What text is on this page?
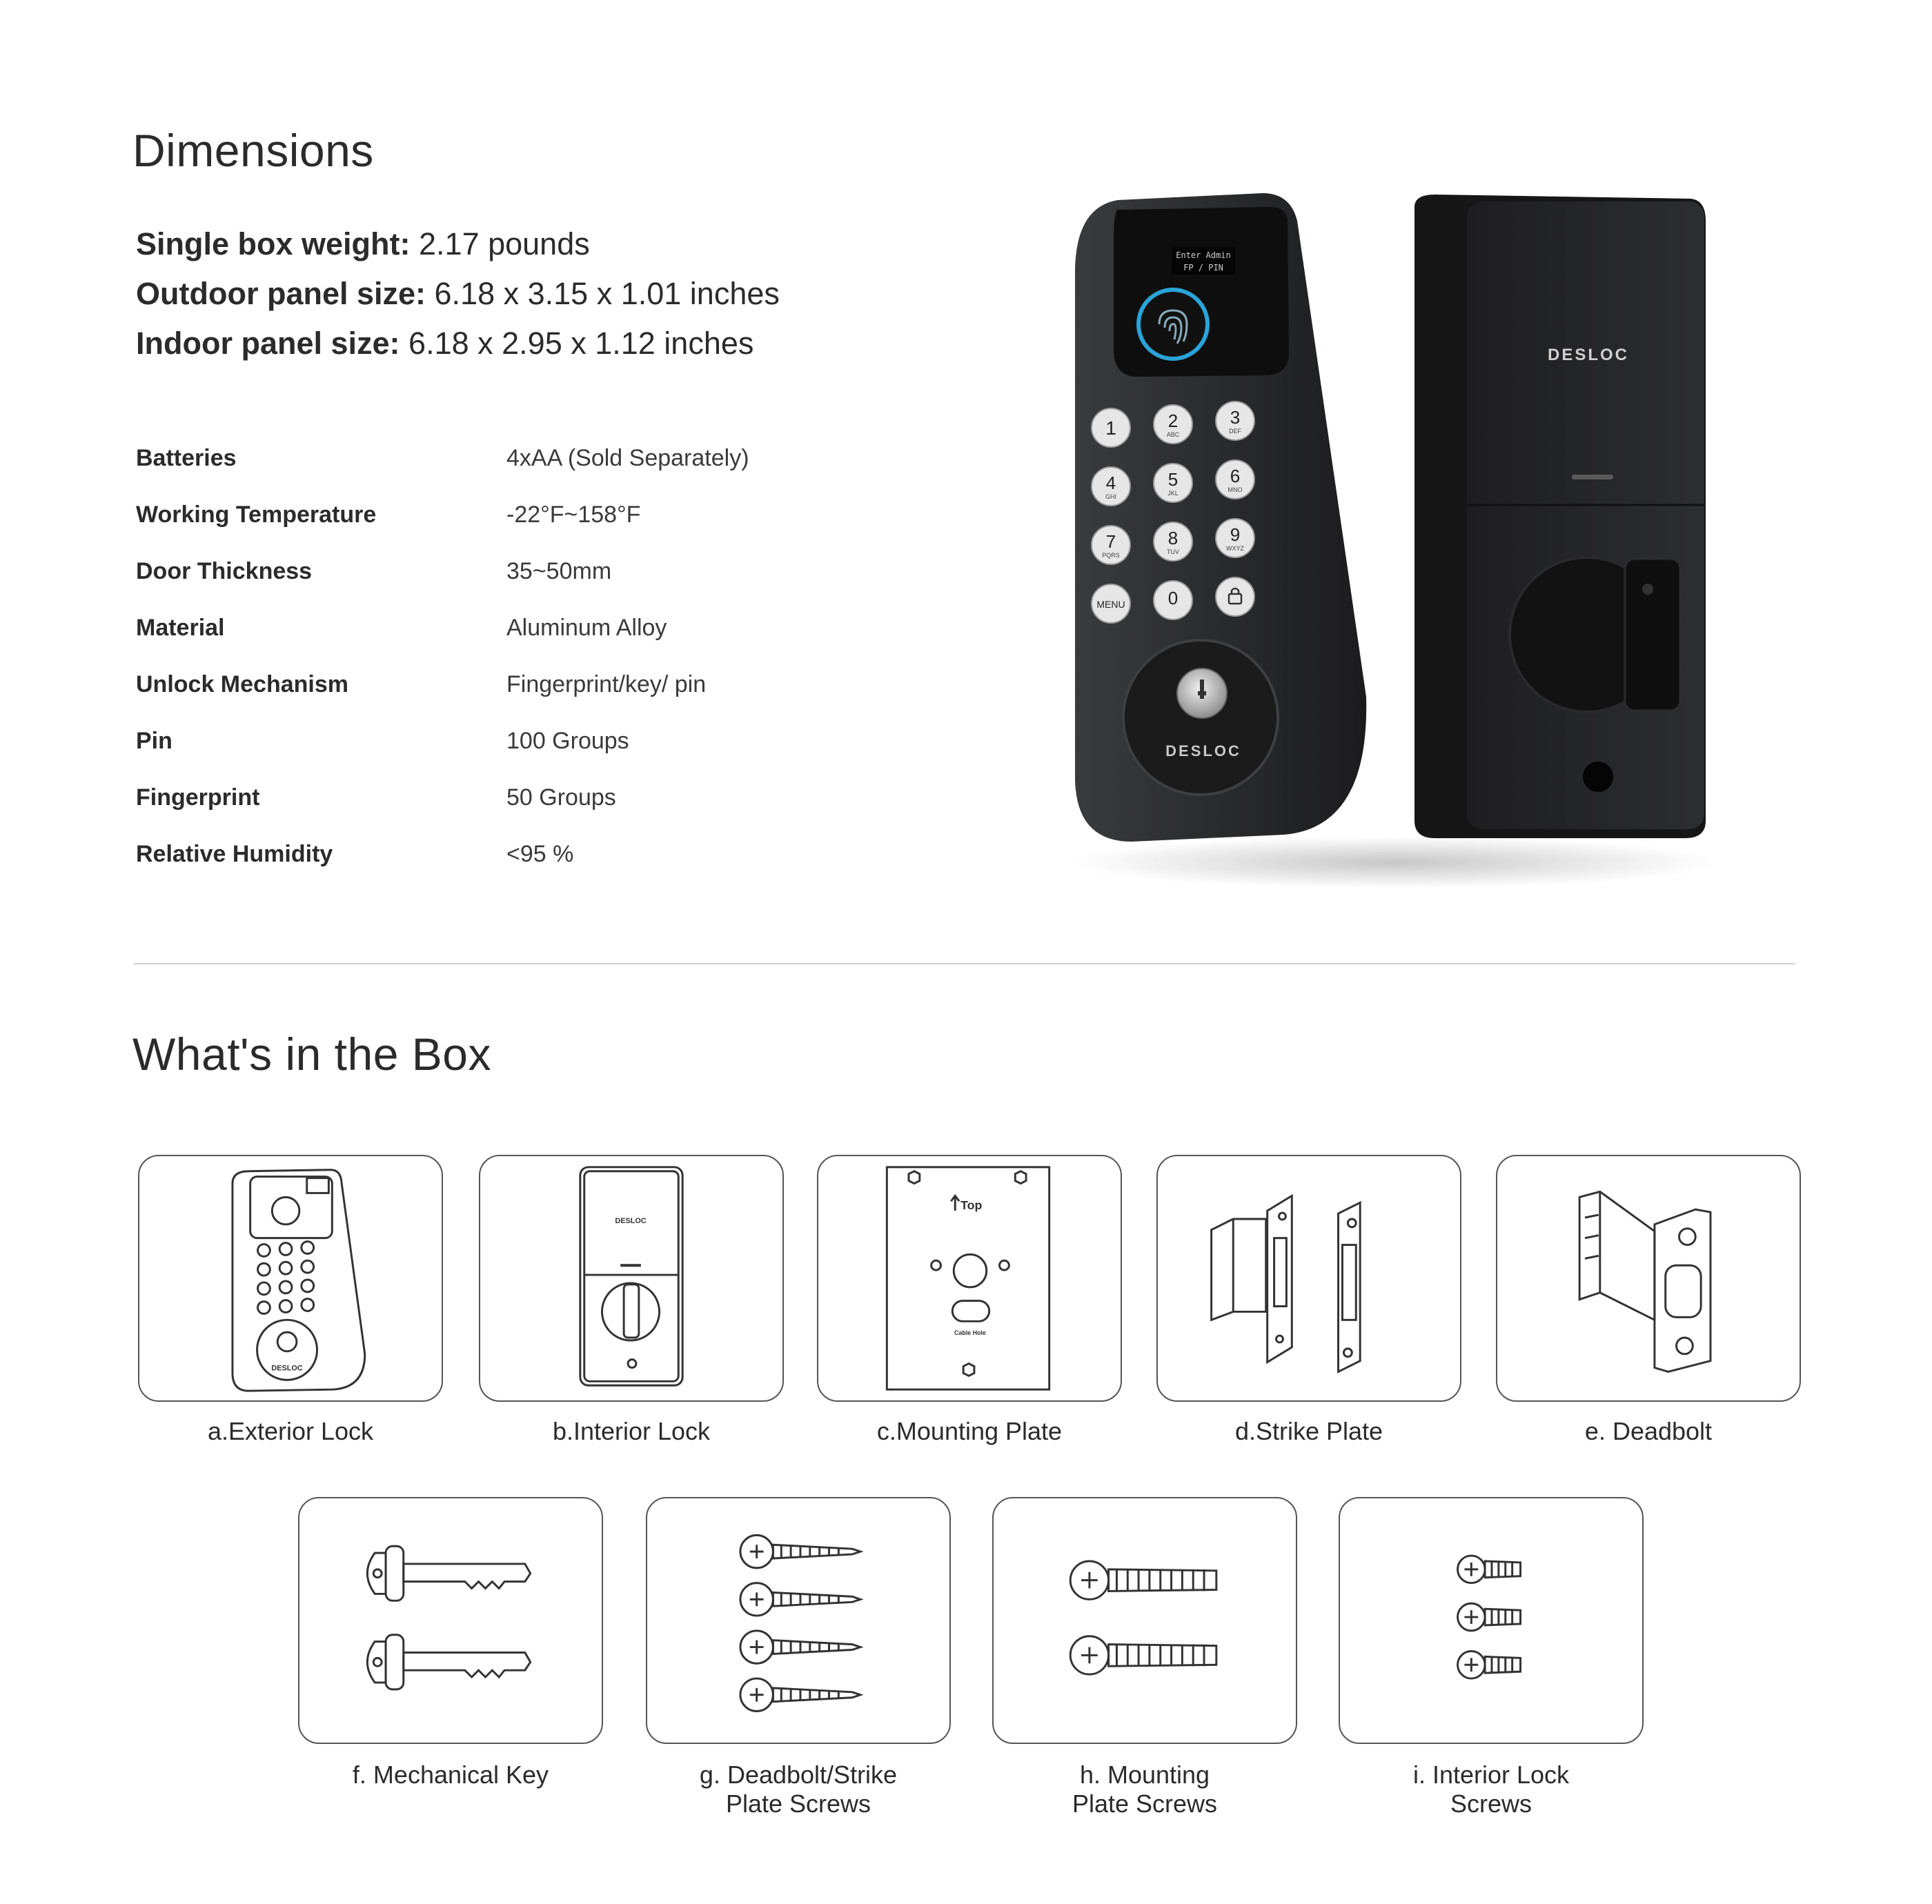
Dimensions
Single box weight: 2.17 pounds
Outdoor panel size: 6.18 x 3.15 x 1.01 inches
Indoor panel size: 6.18 x 2.95 x 1.12 inches
Batteries	4xAA (Sold Separately)
Working Temperature	-22°F~158°F
Door Thickness	35~50mm
Material	Aluminum Alloy
Unlock Mechanism	Fingerprint/key/ pin
Pin	100 Groups
Fingerprint	50 Groups
Relative Humidity	<95 %
Enter Admin
FP / PIN
1	2
ABC
3
DEF
4
GHI
5
JKL
6
MNO
7
PQRS
8
TUV
9
WXYZ
MENU 0
DESLOC
DESLOC
What's in the Box
DESLOC
a.Exterior Lock
DESLOC
b.Interior Lock
Top
Cable Hole
c.Mounting Plate	d.Strike Plate	e. Deadbolt
f. Mechanical Key	g. Deadbolt/Strike
Plate Screws
h. Mounting
Plate Screws
i. Interior Lock
Screws
